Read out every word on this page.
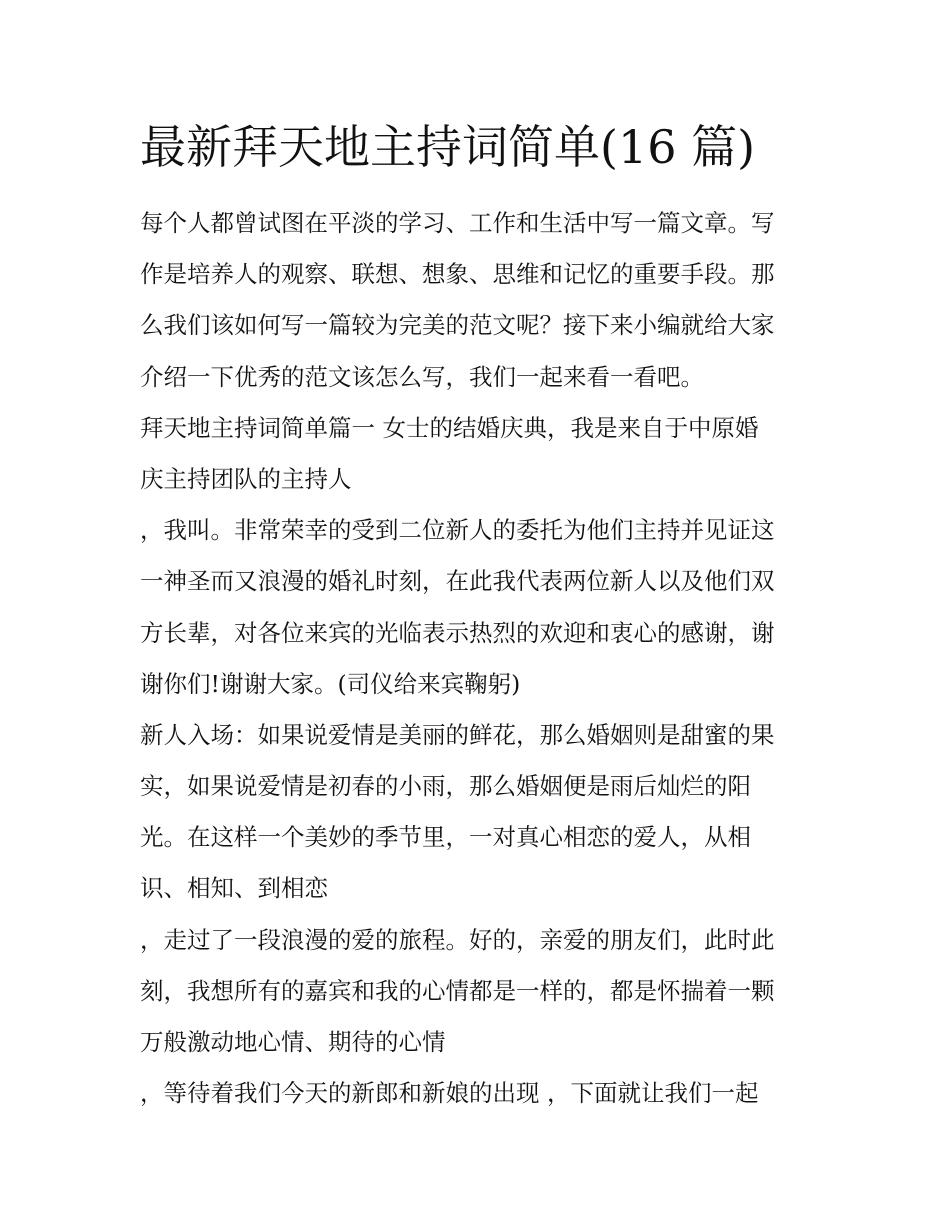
最新拜天地主持词简单(16 篇)
每个人都曾试图在平淡的学习、工作和生活中写一篇文章。写
作是培养人的观察、联想、想象、思维和记忆的重要手段。那
么我们该如何写一篇较为完美的范文呢？接下来小编就给大家
介绍一下优秀的范文该怎么写，我们一起来看一看吧。
拜天地主持词简单篇一 女士的结婚庆典，我是来自于中原婚
庆主持团队的主持人
，我叫。非常荣幸的受到二位新人的委托为他们主持并见证这
一神圣而又浪漫的婚礼时刻，在此我代表两位新人以及他们双
方长辈，对各位来宾的光临表示热烈的欢迎和衷心的感谢，谢
谢你们!谢谢大家。(司仪给来宾鞠躬)
新人入场：如果说爱情是美丽的鲜花，那么婚姻则是甜蜜的果
实，如果说爱情是初春的小雨，那么婚姻便是雨后灿烂的阳
光。在这样一个美妙的季节里，一对真心相恋的爱人，从相
识、相知、到相恋
，走过了一段浪漫的爱的旅程。好的，亲爱的朋友们，此时此
刻，我想所有的嘉宾和我的心情都是一样的，都是怀揣着一颗
万般激动地心情、期待的心情
，等待着我们今天的新郎和新娘的出现 ，下面就让我们一起
